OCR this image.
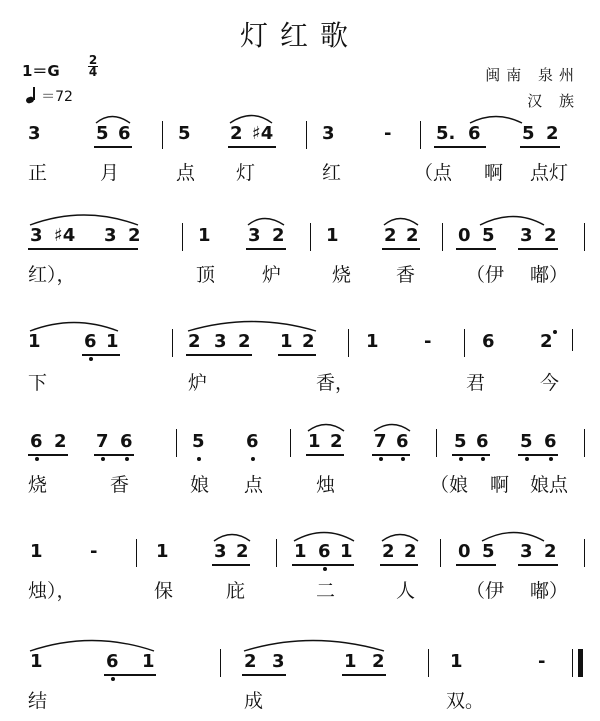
灯红歌
1＝G
2
4
＝72
闽南 泉州
汉 族
3	5 6	5 2 ♯4	3	- 5. 6 5 2
正	月	点 灯	红	（点 啊 点灯
3 ♯4 3 2	1 3 2 1	2 2 0 5 3 2
红），	顶 炉	烧 香	（伊 嘟）
1 6 1	2 3 2 1 2	1	-	6	2
下	炉	香，	君	今
6 2 7 6	5 6	1 2 7 6	5 6 5 6
烧	香	娘 点	烛	（娘 啊 娘点
1	-	1	3 2	1 6 1 2 2 0 5 3 2
烛），	保	庇	二	人	（伊 嘟）
1	6 1	2 3	1 2	1	-
结	成	双。
